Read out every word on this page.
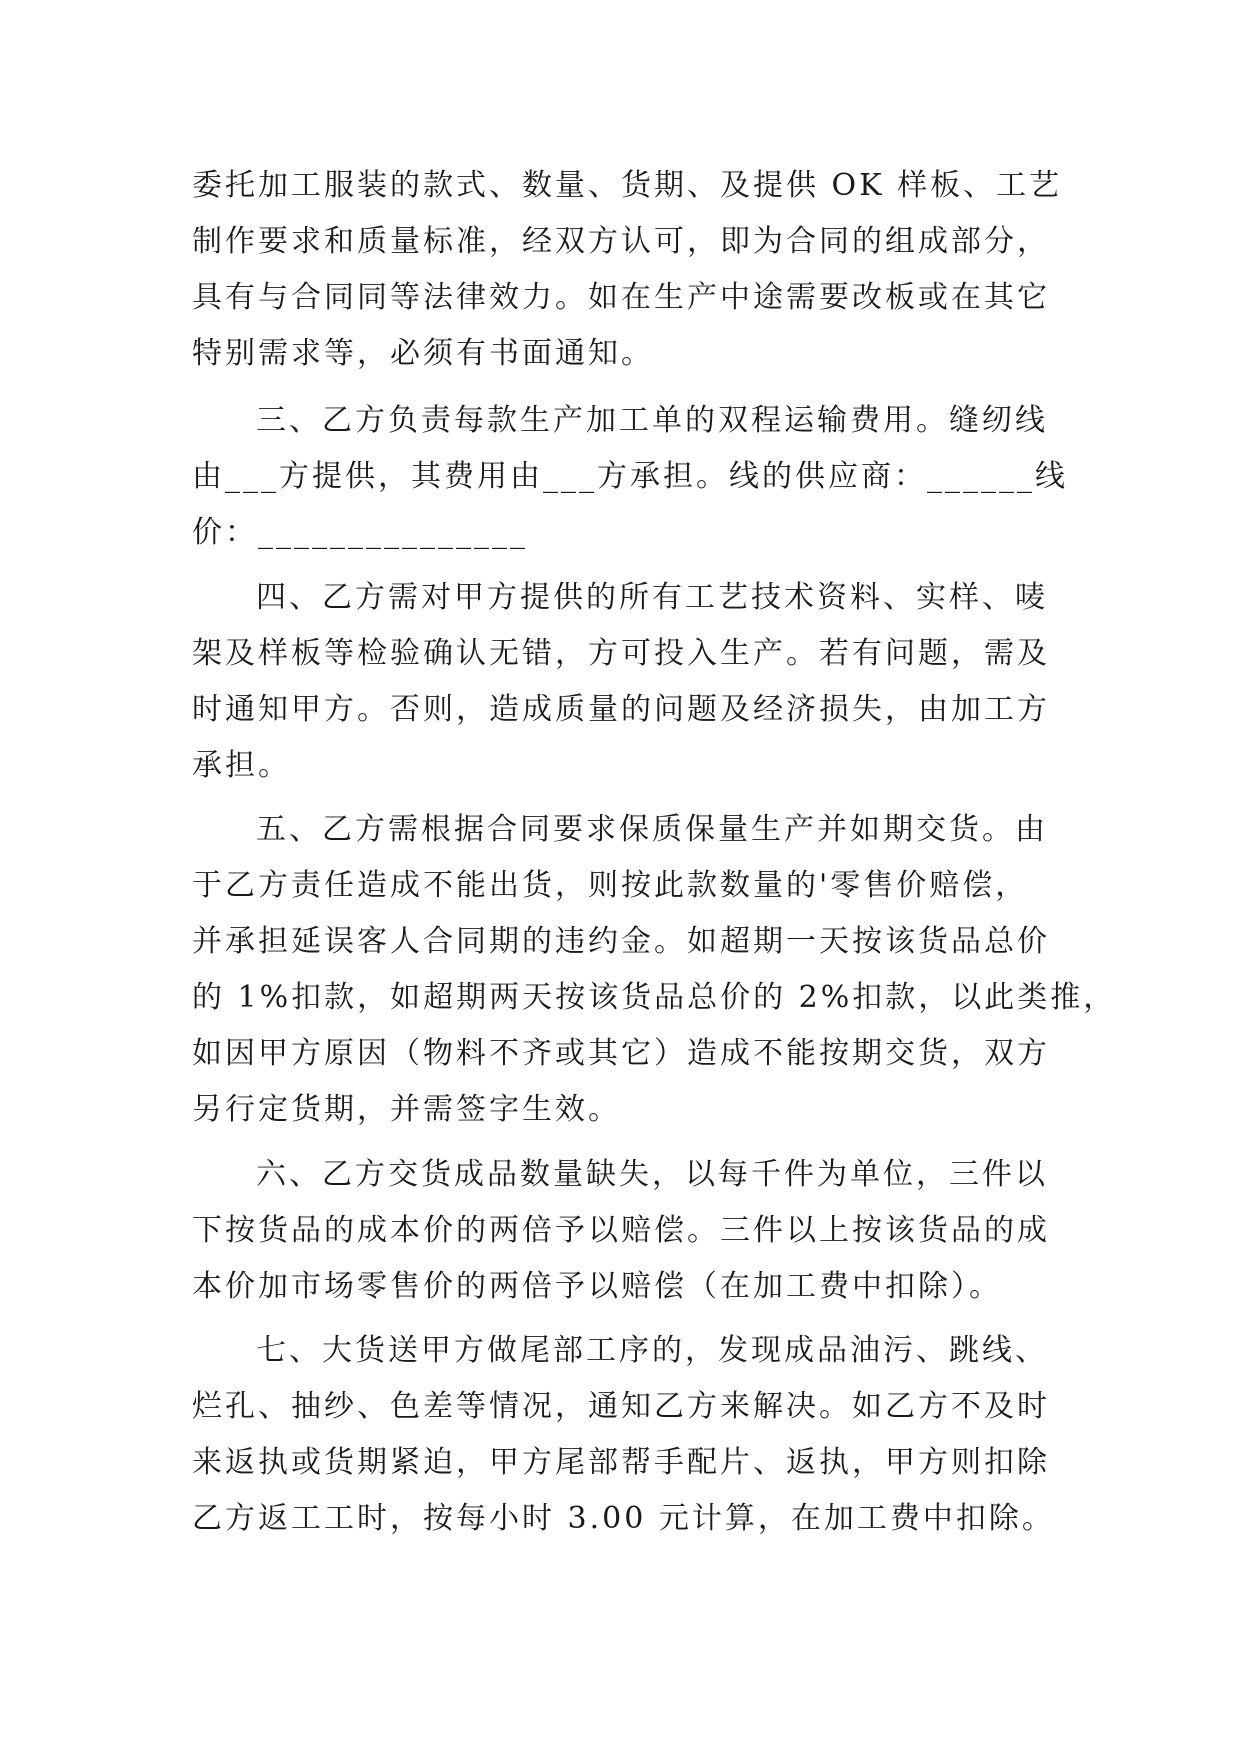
委托加工服装的款式、数量、货期、及提供 OK 样板、工艺

制作要求和质量标准，经双方认可，即为合同的组成部分，

具有与合同同等法律效力。如在生产中途需要改板或在其它

特别需求等，必须有书面通知。

三、乙方负责每款生产加工单的双程运输费用。缝纫线

由___方提供，其费用由___方承担。线的供应商：______线

价：_______________

四、乙方需对甲方提供的所有工艺技术资料、实样、唛

架及样板等检验确认无错，方可投入生产。若有问题，需及

时通知甲方。否则，造成质量的问题及经济损失，由加工方

承担。

五、乙方需根据合同要求保质保量生产并如期交货。由

于乙方责任造成不能出货，则按此款数量的'零售价赔偿，

并承担延误客人合同期的违约金。如超期一天按该货品总价

的 1%扣款，如超期两天按该货品总价的 2%扣款，以此类推，

如因甲方原因（物料不齐或其它）造成不能按期交货，双方

另行定货期，并需签字生效。

六、乙方交货成品数量缺失，以每千件为单位，三件以

下按货品的成本价的两倍予以赔偿。三件以上按该货品的成

本价加市场零售价的两倍予以赔偿（在加工费中扣除）。

七、大货送甲方做尾部工序的，发现成品油污、跳线、

烂孔、抽纱、色差等情况，通知乙方来解决。如乙方不及时

来返执或货期紧迫，甲方尾部帮手配片、返执，甲方则扣除

乙方返工工时，按每小时 3.00 元计算，在加工费中扣除。
